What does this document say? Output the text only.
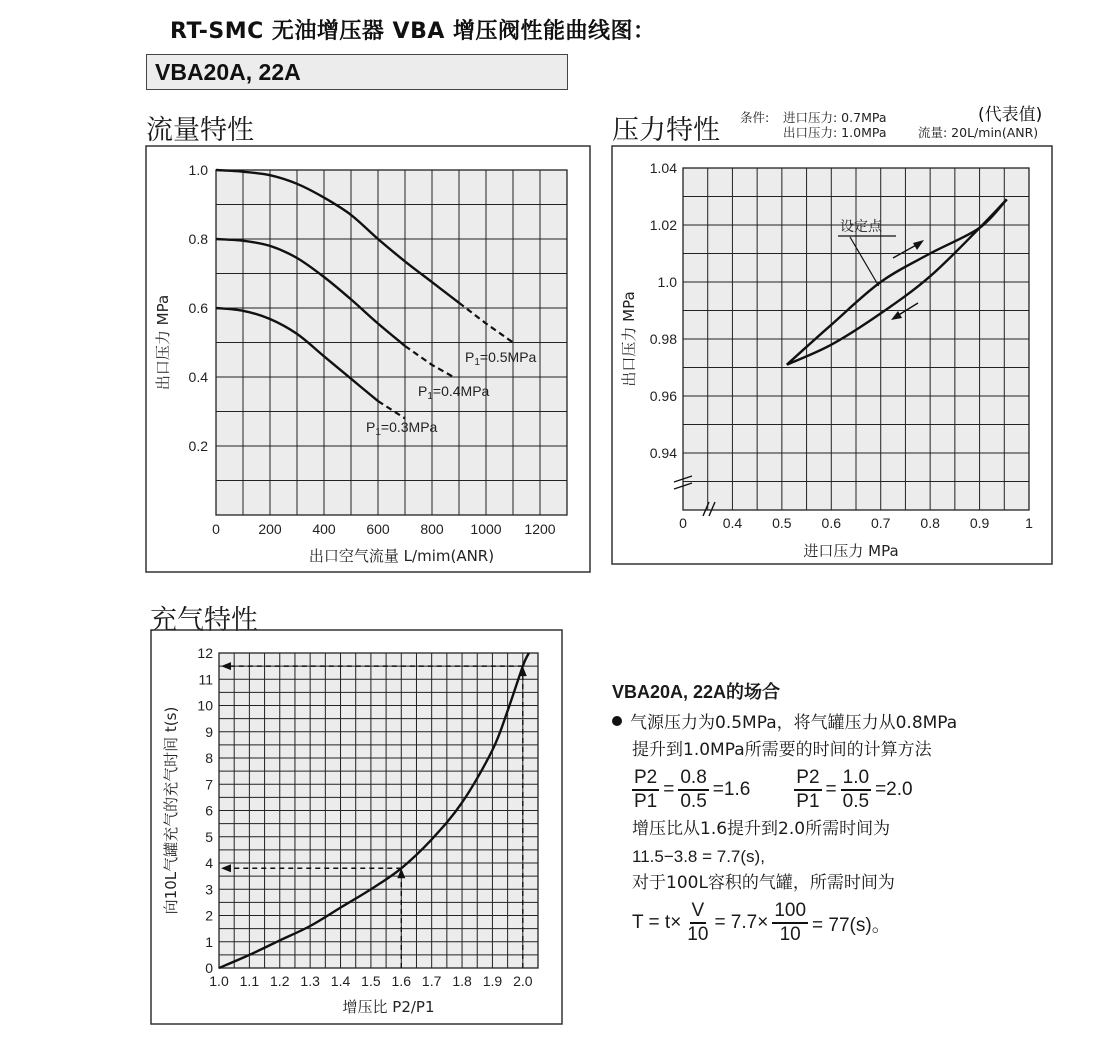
RT-SMC 无油增压器 VBA 增压阀性能曲线图：
VBA20A, 22A
流量特性	压力特性 条件: 进口压力: 0.7MPa
出口压力: 1.0MPa	流量: 20L/min(ANR)
(代表值)
充气特性
0	200 400 600 800 1000 1200
0.2
0.4
0.6
0.8
1.0
出口空气流量 L/mim(ANR)
出口压力 MPa	$P_1=0.5MPa$
$P_1=0.4MPa$
$P_1=0.3MPa$
0.4 0.5 0.6 0.7 0.8 0.9	1
0
0.94
0.96
0.98
1.0
1.02
1.04
进口压力 MPa
出口压力 MPa
设定点
1.0 1.1 1.2 1.3 1.4 1.5 1.6 1.7 1.8 1.9 2.0
0
1
2
3
4
5
6
7
8
9
10
11
12
增压比 P2/P1
向10L气罐充气的充气时间 t(s)
VBA20A, 22A的场合
气源压力为0.5MPa，将气罐压力从0.8MPa
提升到1.0MPa所需要的时间的计算方法
$\frac{P2}{P1} = \frac{0.8}{0.5} =1.6 \frac{P2}{P1} = \frac{1.0}{0.5} =2.0$
增压比从1.6提升到2.0所需时间为
11.5−3.8 = 7.7(s),
对于100L容积的气罐，所需时间为
$T = t\times \frac{V}{10} = 7.7\times \frac{100}{10} = 77(s)$。
